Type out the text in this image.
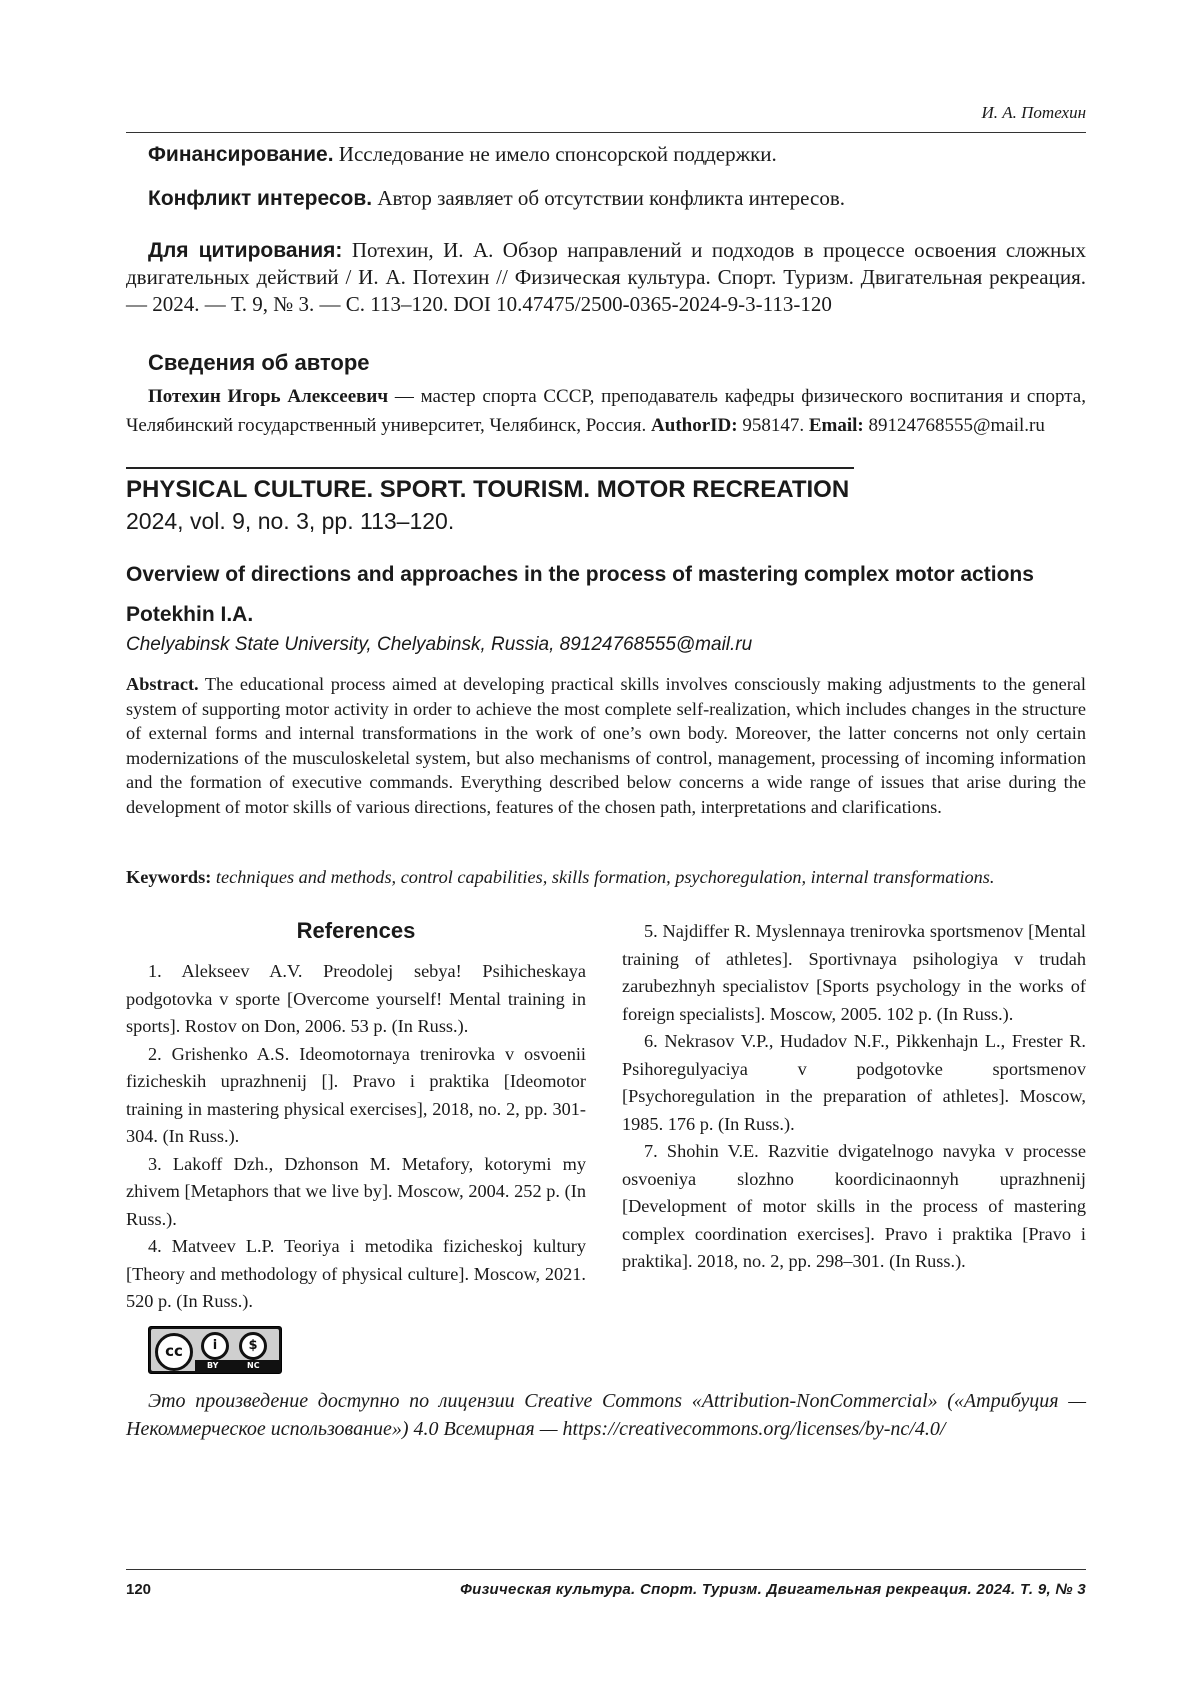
И. А. Потехин
Финансирование. Исследование не имело спонсорской поддержки.
Конфликт интересов. Автор заявляет об отсутствии конфликта интересов.
Для цитирования: Потехин, И. А. Обзор направлений и подходов в процессе освоения сложных двигательных действий / И. А. Потехин // Физическая культура. Спорт. Туризм. Двигательная рекреация. — 2024. — Т. 9, № 3. — С. 113–120. DOI 10.47475/2500-0365-2024-9-3-113-120
Сведения об авторе

Потехин Игорь Алексеевич — мастер спорта СССР, преподаватель кафедры физического воспитания и спорта, Челябинский государственный университет, Челябинск, Россия. AuthorID: 958147. Email: 89124768555@mail.ru

PHYSICAL CULTURE. SPORT. TOURISM. MOTOR RECREATION
2024, vol. 9, no. 3, pp. 113–120.
Overview of directions and approaches in the process of mastering complex motor actions
Potekhin I.A.
Chelyabinsk State University, Chelyabinsk, Russia, 89124768555@mail.ru

Abstract. The educational process aimed at developing practical skills involves consciously making adjustments to the general system of supporting motor activity in order to achieve the most complete self-realization, which includes changes in the structure of external forms and internal transformations in the work of one’s own body. Moreover, the latter concerns not only certain modernizations of the musculoskeletal system, but also mechanisms of control, management, processing of incoming information and the formation of executive commands. Everything described below concerns a wide range of issues that arise during the development of motor skills of various directions, features of the chosen path, interpretations and clarifications.

Keywords: techniques and methods, control capabilities, skills formation, psychoregulation, internal transformations.
References

1. Alekseev A.V. Preodolej sebya! Psihicheskaya podgotovka v sporte [Overcome yourself! Mental training in sports]. Rostov on Don, 2006. 53 p. (In Russ.).

2. Grishenko A.S. Ideomotornaya trenirovka v osvoenii fizicheskih uprazhnenij []. Pravo i praktika [Ideomotor training in mastering physical exercises], 2018, no. 2, pp. 301-304. (In Russ.).

3. Lakoff Dzh., Dzhonson M. Metafory, kotorymi my zhivem [Metaphors that we live by]. Moscow, 2004. 252 p. (In Russ.).

4. Matveev L.P. Teoriya i metodika fizicheskoj kultury [Theory and methodology of physical culture]. Moscow, 2021. 520 p. (In Russ.).

5. Najdiffer R. Myslennaya trenirovka sportsmenov [Mental training of athletes]. Sportivnaya psihologiya v trudah zarubezhnyh specialistov [Sports psychology in the works of foreign specialists]. Moscow, 2005. 102 p. (In Russ.).

6. Nekrasov V.P., Hudadov N.F., Pikkenhajn L., Frester R. Psihoregulyaciya v podgotovke sportsmenov [Psychoregulation in the preparation of athletes]. Moscow, 1985. 176 p. (In Russ.).

7. Shohin V.E. Razvitie dvigatelnogo navyka v processe osvoeniya slozhno koordicinaonnyh uprazhnenij [Development of motor skills in the process of mastering complex coordination exercises]. Pravo i praktika [Pravo i praktika]. 2018, no. 2, pp. 298–301. (In Russ.).

cc	i	$
BY	NC

Это произведение доступно по лицензии Creative Commons «Attribution-NonCommercial» («Атрибуция — Некоммерческое использование») 4.0 Всемирная — https://creativecommons.org/licenses/by-nc/4.0/

120	Физическая культура. Спорт. Туризм. Двигательная рекреация. 2024. Т. 9, № 3
